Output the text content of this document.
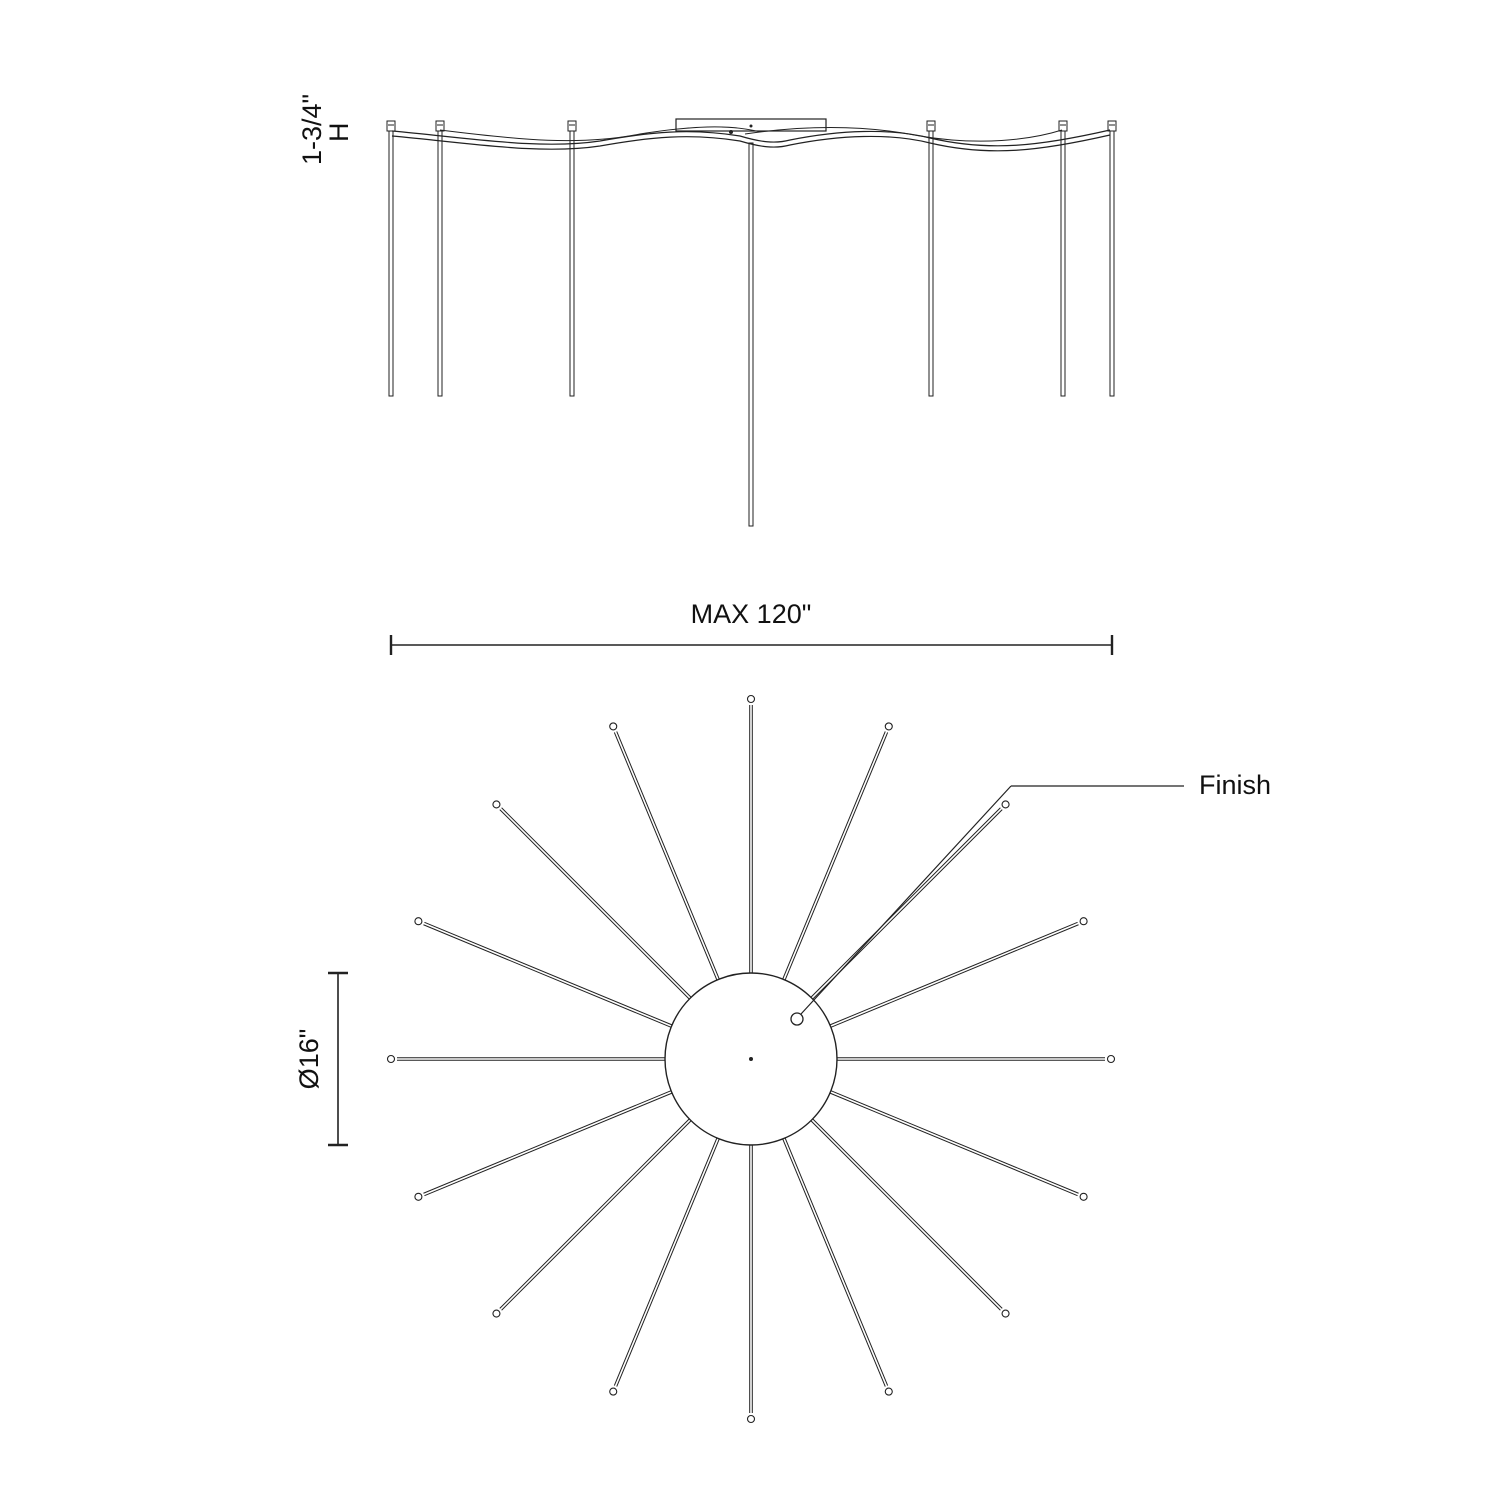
1-3/4"
H
MAX 120"
Ø16"
Finish
